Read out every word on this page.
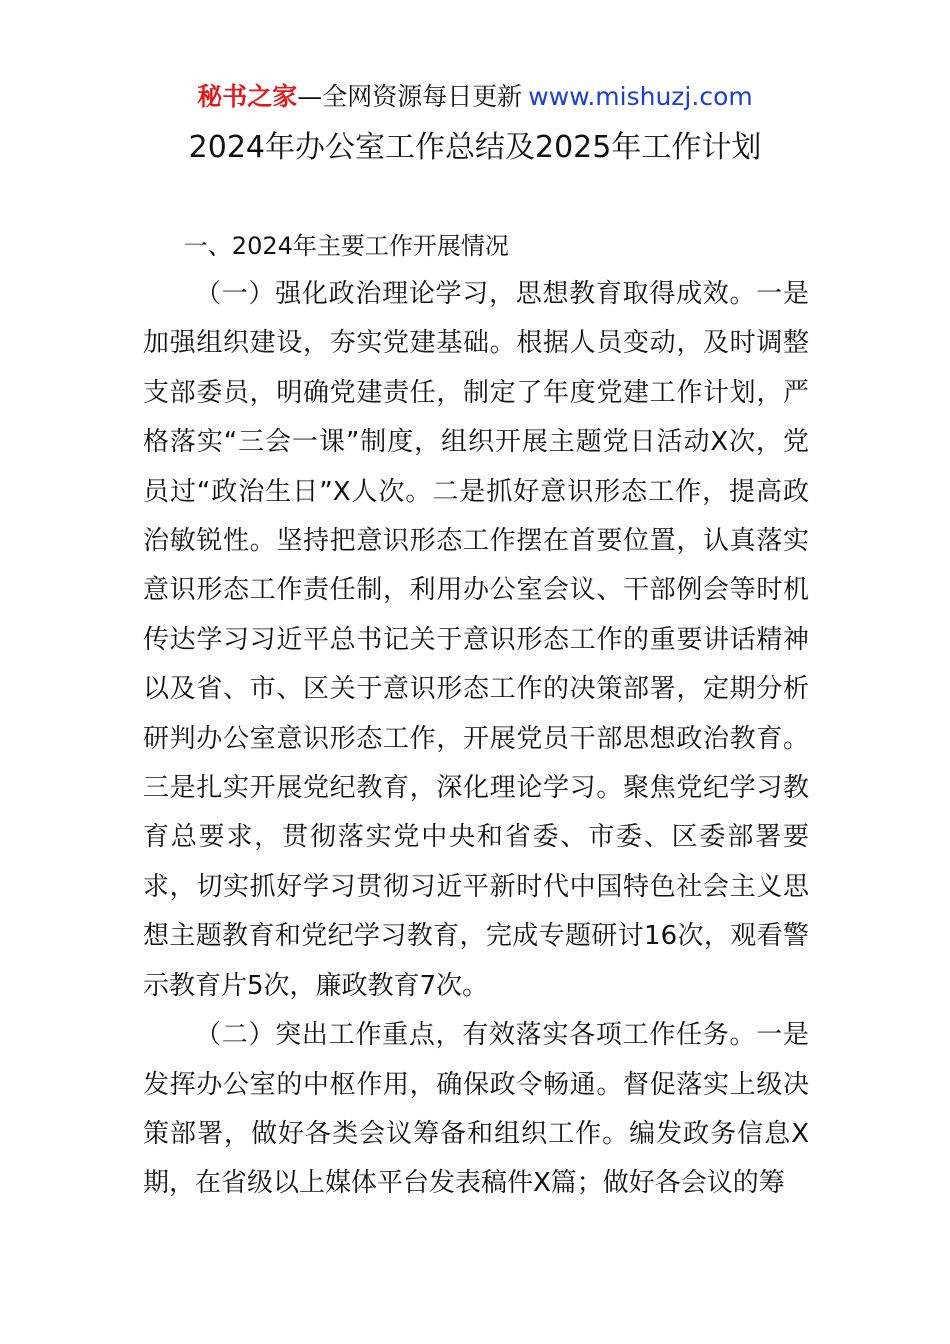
秘书之家—全网资源每日更新 www.mishuzj.com
2024年办公室工作总结及2025年工作计划

一、2024年主要工作开展情况

（一）强化政治理论学习，思想教育取得成效。一是加强组织建设，夯实党建基础。根据人员变动，及时调整支部委员，明确党建责任，制定了年度党建工作计划，严格落实“三会一课”制度，组织开展主题党日活动X次，党员过“政治生日”X人次。二是抓好意识形态工作，提高政治敏锐性。坚持把意识形态工作摆在首要位置，认真落实意识形态工作责任制，利用办公室会议、干部例会等时机传达学习习近平总书记关于意识形态工作的重要讲话精神以及省、市、区关于意识形态工作的决策部署，定期分析研判办公室意识形态工作，开展党员干部思想政治教育。三是扎实开展党纪教育，深化理论学习。聚焦党纪学习教育总要求，贯彻落实党中央和省委、市委、区委部署要求，切实抓好学习贯彻习近平新时代中国特色社会主义思想主题教育和党纪学习教育，完成专题研讨16次，观看警示教育片5次，廉政教育7次。

（二）突出工作重点，有效落实各项工作任务。一是发挥办公室的中枢作用，确保政令畅通。督促落实上级决策部署，做好各类会议筹备和组织工作。编发政务信息X期，在省级以上媒体平台发表稿件X篇；做好各会议的筹
